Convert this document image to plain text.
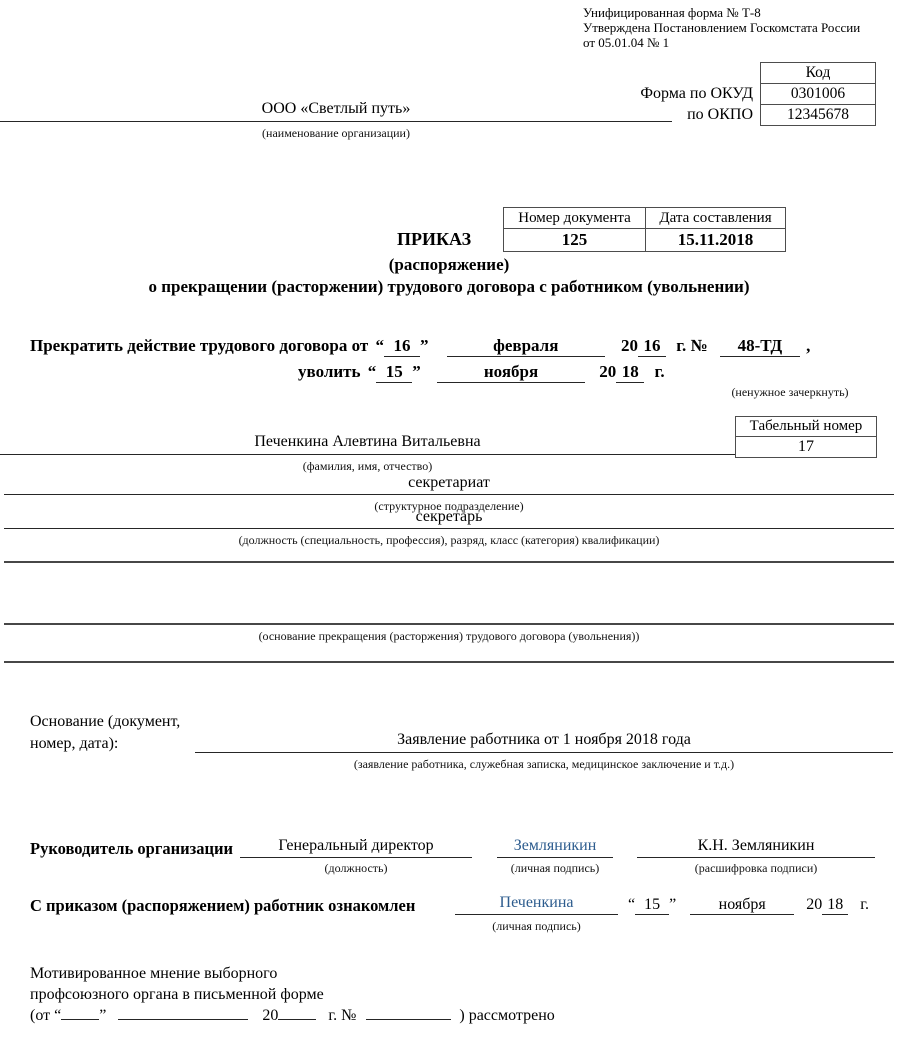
Унифицированная форма № Т-8
Утверждена Постановлением Госкомстата России
от 05.01.04 № 1
Код
0301006
12345678
Форма по ОКУД
по ОКПО
ООО «Светлый путь»
(наименование организации)
ПРИКАЗ
Номер документа	Дата составления
125	15.11.2018
(распоряжение)
о прекращении (расторжении) трудового договора с работником (увольнении)
Прекратить действие трудового договора от “ 16 ”	февраля	20 16 г. № 48-ТД ,
уволить “ 15 ”	ноября	20 18 г.
(ненужное зачеркнуть)
Табельный номер
17
Печенкина Алевтина Витальевна
(фамилия, имя, отчество)
секретариат
(структурное подразделение)
секретарь
(должность (специальность, профессия), разряд, класс (категория) квалификации)
(основание прекращения (расторжения) трудового договора (увольнения))
Основание (документ,
номер, дата):	Заявление работника от 1 ноября 2018 года
(заявление работника, служебная записка, медицинское заключение и т.д.)
Руководитель организации	Генеральный директор
(должность)
Земляникин
(личная подпись)
К.Н. Земляникин
(расшифровка подписи)
С приказом (распоряжением) работник ознакомлен	Печенкина
(личная подпись)
“ 15 ”	ноября	20 18 г.
Мотивированное мнение выборного
профсоюзного органа в письменной форме
(от “ ”	20	г. №	) рассмотрено
